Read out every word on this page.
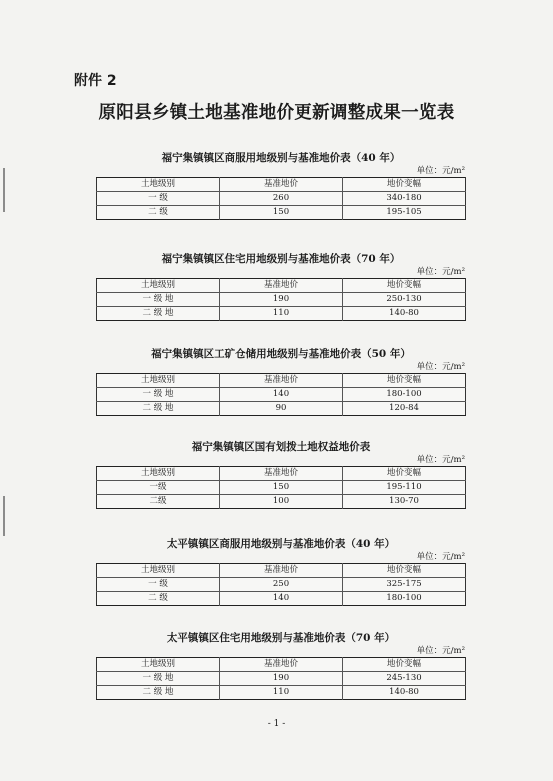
附件 2
原阳县乡镇土地基准地价更新调整成果一览表
福宁集镇镇区商服用地级别与基准地价表（40 年）
单位：元/m²
土地级别	基准地价	地价变幅
一 级	260	340-180
二 级	150	195-105
福宁集镇镇区住宅用地级别与基准地价表（70 年）
单位：元/m²
土地级别	基准地价	地价变幅
一 级 地	190	250-130
二 级 地	110	140-80
福宁集镇镇区工矿仓储用地级别与基准地价表（50 年）
单位：元/m²
土地级别	基准地价	地价变幅
一 级 地	140	180-100
二 级 地	90	120-84
福宁集镇镇区国有划拨土地权益地价表
单位：元/m²
土地级别	基准地价	地价变幅
一级	150	195-110
二级	100	130-70
太平镇镇区商服用地级别与基准地价表（40 年）
单位：元/m²
土地级别	基准地价	地价变幅
一 级	250	325-175
二 级	140	180-100
太平镇镇区住宅用地级别与基准地价表（70 年）
单位：元/m²
土地级别	基准地价	地价变幅
一 级 地	190	245-130
二 级 地	110	140-80
- 1 -
